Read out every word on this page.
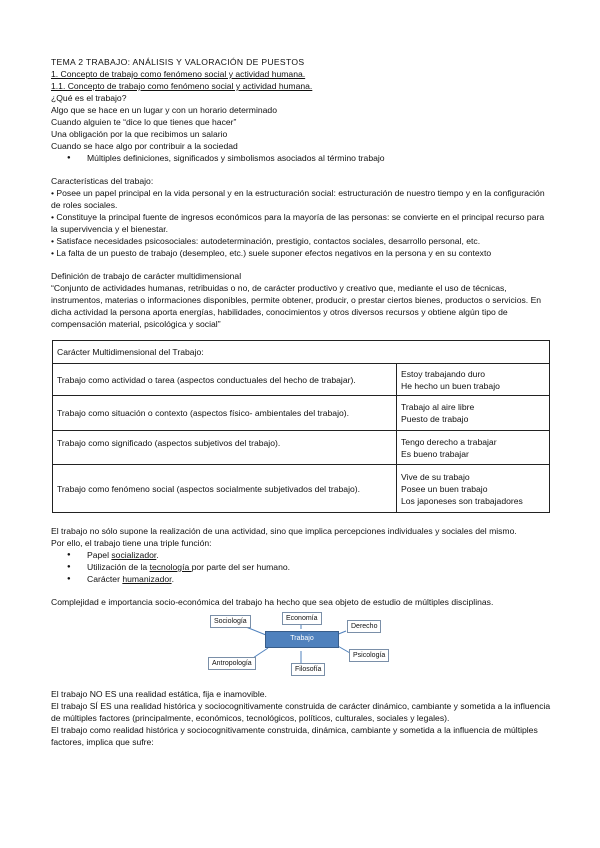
TEMA 2 TRABAJO: ANÁLISIS Y VALORACIÓN DE PUESTOS
1. Concepto de trabajo como fenómeno social y actividad humana.
1.1. Concepto de trabajo como fenómeno social y actividad humana.
¿Qué es el trabajo?
Algo que se hace en un lugar y con un horario determinado
Cuando alguien te “dice lo que tienes que hacer”
Una obligación por la que recibimos un salario
Cuando se hace algo por contribuir a la sociedad
● Múltiples definiciones, significados y simbolismos asociados al término trabajo
Características del trabajo:
• Posee un papel principal en la vida personal y en la estructuración social: estructuración de nuestro tiempo y en la configuración de roles sociales.
• Constituye la principal fuente de ingresos económicos para la mayoría de las personas: se convierte en el principal recurso para la supervivencia y el bienestar.
• Satisface necesidades psicosociales: autodeterminación, prestigio, contactos sociales, desarrollo personal, etc.
• La falta de un puesto de trabajo (desempleo, etc.) suele suponer efectos negativos en la persona y en su contexto
Definición de trabajo de carácter multidimensional
“Conjunto de actividades humanas, retribuidas o no, de carácter productivo y creativo que, mediante el uso de técnicas, instrumentos, materias o informaciones disponibles, permite obtener, producir, o prestar ciertos bienes, productos o servicios. En dicha actividad la persona aporta energías, habilidades, conocimientos y otros diversos recursos y obtiene algún tipo de compensación material, psicológica y social”
Carácter Multidimensional del Trabajo:	
Trabajo como actividad o tarea (aspectos conductuales del hecho de trabajar).	Estoy trabajando duro
He hecho un buen trabajo

Trabajo como situación o contexto (aspectos físico- ambientales del trabajo).	Trabajo al aire libre
Puesto de trabajo

Trabajo como significado (aspectos subjetivos del trabajo).	Tengo derecho a trabajar
Es bueno trabajar

Trabajo como fenómeno social (aspectos socialmente subjetivados del trabajo).	Vive de su trabajo
Posee un buen trabajo
Los japoneses son trabajadores
El trabajo no sólo supone la realización de una actividad, sino que implica percepciones individuales y sociales del mismo.
Por ello, el trabajo tiene una triple función:
● Papel socializador.
● Utilización de la tecnología por parte del ser humano.
● Carácter humanizador.
Complejidad e importancia socio-económica del trabajo ha hecho que sea objeto de estudio de múltiples disciplinas.
Trabajo
Sociología	Economía
Derecho
Antropología
Filosofía
Psicología
El trabajo NO ES una realidad estática, fija e inamovible.
El trabajo SÍ ES una realidad histórica y sociocognitivamente construida de carácter dinámico, cambiante y sometida a la influencia de múltiples factores (principalmente, económicos, tecnológicos, políticos, culturales, sociales y legales).
El trabajo como realidad histórica y sociocognitivamente construida, dinámica, cambiante y sometida a la influencia de múltiples factores, implica que sufre:
